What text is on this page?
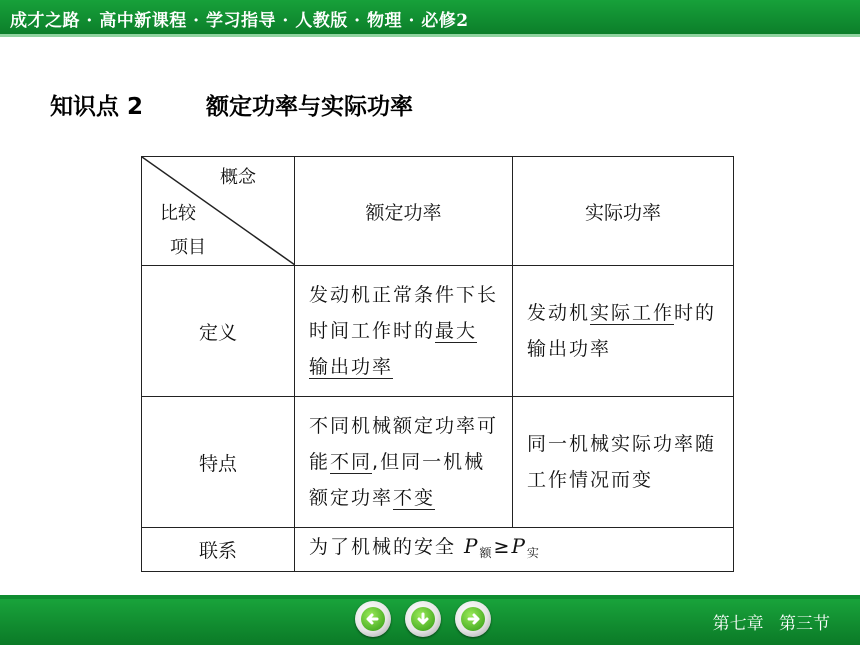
成才之路 · 高中新课程 · 学习指导 · 人教版 · 物理 · 必修2
知识点 2	额定功率与实际功率
概念
比较
项目	额定功率	实际功率
定义	发动机正常条件下长时间工作时的最大输出功率	发动机实际工作时的输出功率

特点	不同机械额定功率可能不同,但同一机械额定功率不变	同一机械实际功率随工作情况而变

联系	为了机械的安全 $P_额\ge P_实$
第七章 第三节
